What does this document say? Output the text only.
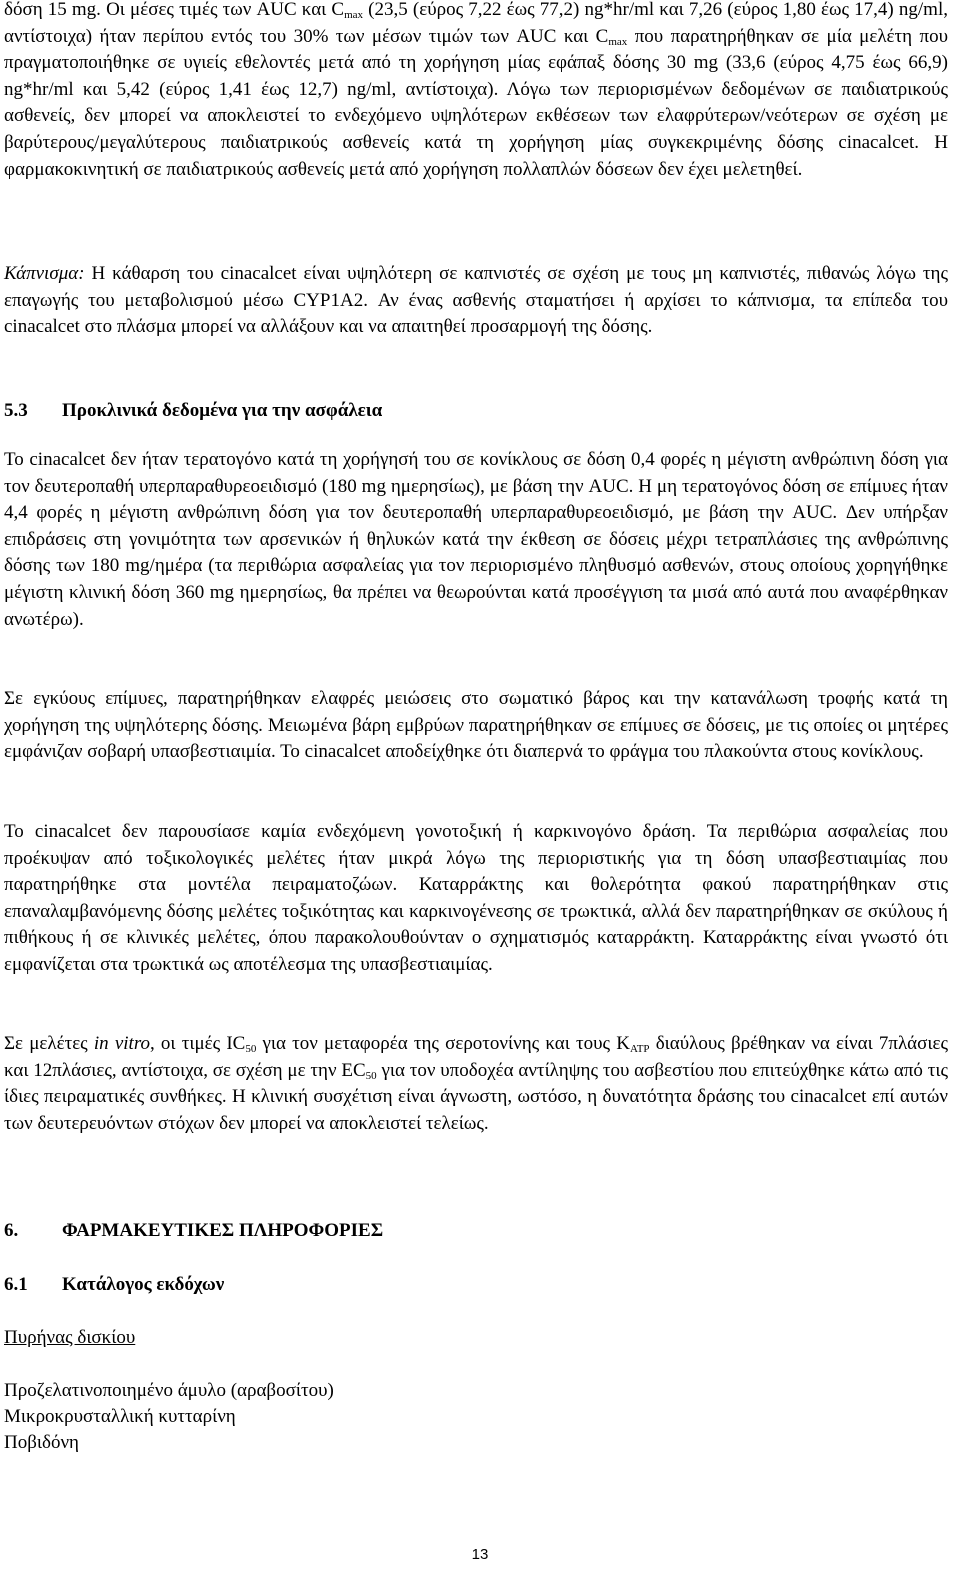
δόση 15 mg. Οι μέσες τιμές των AUC και $C_{max}$ (23,5 (εύρος 7,22 έως 77,2) ng*hr/ml και 7,26 (εύρος 1,80 έως 17,4) ng/ml, αντίστοιχα) ήταν περίπου εντός του 30% των μέσων τιμών των AUC και $C_{max}$ που παρατηρήθηκαν σε μία μελέτη που πραγματοποιήθηκε σε υγιείς εθελοντές μετά από τη χορήγηση μίας εφάπαξ δόσης 30 mg (33,6 (εύρος 4,75 έως 66,9) ng*hr/ml και 5,42 (εύρος 1,41 έως 12,7) ng/ml, αντίστοιχα). Λόγω των περιορισμένων δεδομένων σε παιδιατρικούς ασθενείς, δεν μπορεί να αποκλειστεί το ενδεχόμενο υψηλότερων εκθέσεων των ελαφρύτερων/νεότερων σε σχέση με βαρύτερους/μεγαλύτερους παιδιατρικούς ασθενείς κατά τη χορήγηση μίας συγκεκριμένης δόσης cinacalcet. Η φαρμακοκινητική σε παιδιατρικούς ασθενείς μετά από χορήγηση πολλαπλών δόσεων δεν έχει μελετηθεί.

Κάπνισμα: Η κάθαρση του cinacalcet είναι υψηλότερη σε καπνιστές σε σχέση με τους μη καπνιστές, πιθανώς λόγω της επαγωγής του μεταβολισμού μέσω CYP1A2. Αν ένας ασθενής σταματήσει ή αρχίσει το κάπνισμα, τα επίπεδα του cinacalcet στο πλάσμα μπορεί να αλλάξουν και να απαιτηθεί προσαρμογή της δόσης.

5.3 Προκλινικά δεδομένα για την ασφάλεια

Το cinacalcet δεν ήταν τερατογόνο κατά τη χορήγησή του σε κονίκλους σε δόση 0,4 φορές η μέγιστη ανθρώπινη δόση για τον δευτεροπαθή υπερπαραθυρεοειδισμό (180 mg ημερησίως), με βάση την AUC. Η μη τερατογόνος δόση σε επίμυες ήταν 4,4 φορές η μέγιστη ανθρώπινη δόση για τον δευτεροπαθή υπερπαραθυρεοειδισμό, με βάση την AUC. Δεν υπήρξαν επιδράσεις στη γονιμότητα των αρσενικών ή θηλυκών κατά την έκθεση σε δόσεις μέχρι τετραπλάσιες της ανθρώπινης δόσης των 180 mg/ημέρα (τα περιθώρια ασφαλείας για τον περιορισμένο πληθυσμό ασθενών, στους οποίους χορηγήθηκε μέγιστη κλινική δόση 360 mg ημερησίως, θα πρέπει να θεωρούνται κατά προσέγγιση τα μισά από αυτά που αναφέρθηκαν ανωτέρω).

Σε εγκύους επίμυες, παρατηρήθηκαν ελαφρές μειώσεις στο σωματικό βάρος και την κατανάλωση τροφής κατά τη χορήγηση της υψηλότερης δόσης. Μειωμένα βάρη εμβρύων παρατηρήθηκαν σε επίμυες σε δόσεις, με τις οποίες οι μητέρες εμφάνιζαν σοβαρή υπασβεστιαιμία. Το cinacalcet αποδείχθηκε ότι διαπερνά το φράγμα του πλακούντα στους κονίκλους.

Το cinacalcet δεν παρουσίασε καμία ενδεχόμενη γονοτοξική ή καρκινογόνο δράση. Τα περιθώρια ασφαλείας που προέκυψαν από τοξικολογικές μελέτες ήταν μικρά λόγω της περιοριστικής για τη δόση υπασβεστιαιμίας που παρατηρήθηκε στα μοντέλα πειραματοζώων. Καταρράκτης και θολερότητα φακού παρατηρήθηκαν στις επαναλαμβανόμενης δόσης μελέτες τοξικότητας και καρκινογένεσης σε τρωκτικά, αλλά δεν παρατηρήθηκαν σε σκύλους ή πιθήκους ή σε κλινικές μελέτες, όπου παρακολουθούνταν ο σχηματισμός καταρράκτη. Καταρράκτης είναι γνωστό ότι εμφανίζεται στα τρωκτικά ως αποτέλεσμα της υπασβεστιαιμίας.

Σε μελέτες in vitro, οι τιμές $IC_{50}$ για τον μεταφορέα της σεροτονίνης και τους $K_{ATP}$ διαύλους βρέθηκαν να είναι 7πλάσιες και 12πλάσιες, αντίστοιχα, σε σχέση με την $EC_{50}$ για τον υποδοχέα αντίληψης του ασβεστίου που επιτεύχθηκε κάτω από τις ίδιες πειραματικές συνθήκες. Η κλινική συσχέτιση είναι άγνωστη, ωστόσο, η δυνατότητα δράσης του cinacalcet επί αυτών των δευτερευόντων στόχων δεν μπορεί να αποκλειστεί τελείως.

6. ΦΑΡΜΑΚΕΥΤΙΚΕΣ ΠΛΗΡΟΦΟΡΙΕΣ

6.1 Κατάλογος εκδόχων

Πυρήνας δισκίου

Προζελατινοποιημένο άμυλο (αραβοσίτου)

Μικροκρυσταλλική κυτταρίνη

Ποβιδόνη

13
